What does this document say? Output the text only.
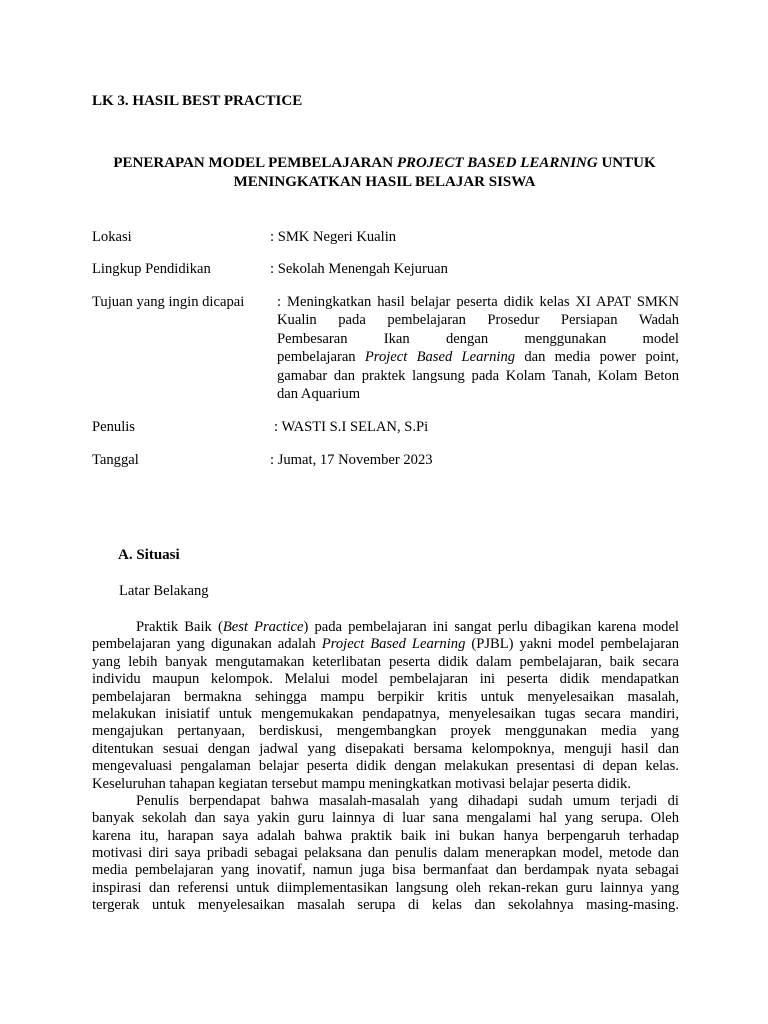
LK 3. HASIL BEST PRACTICE
PENERAPAN MODEL PEMBELAJARAN PROJECT BASED LEARNING UNTUK
MENINGKATKAN HASIL BELAJAR SISWA
Lokasi	: SMK Negeri Kualin
Lingkup Pendidikan	: Sekolah Menengah Kejuruan
Tujuan yang ingin dicapai : Meningkatkan hasil belajar peserta didik kelas XI APAT SMKN
Kualin pada pembelajaran Prosedur Persiapan Wadah
Pembesaran Ikan dengan menggunakan model
pembelajaran Project Based Learning dan media power point,
gamabar dan praktek langsung pada Kolam Tanah, Kolam Beton
dan Aquarium
Penulis	: WASTI S.I SELAN, S.Pi
Tanggal	: Jumat, 17 November 2023
A. Situasi
Latar Belakang
Praktik Baik (Best Practice) pada pembelajaran ini sangat perlu dibagikan karena model
pembelajaran yang digunakan adalah Project Based Learning (PJBL) yakni model pembelajaran
yang lebih banyak mengutamakan keterlibatan peserta didik dalam pembelajaran, baik secara
individu maupun kelompok. Melalui model pembelajaran ini peserta didik mendapatkan
pembelajaran bermakna sehingga mampu berpikir kritis untuk menyelesaikan masalah,
melakukan inisiatif untuk mengemukakan pendapatnya, menyelesaikan tugas secara mandiri,
mengajukan pertanyaan, berdiskusi, mengembangkan proyek menggunakan media yang
ditentukan sesuai dengan jadwal yang disepakati bersama kelompoknya, menguji hasil dan
mengevaluasi pengalaman belajar peserta didik dengan melakukan presentasi di depan kelas.
Keseluruhan tahapan kegiatan tersebut mampu meningkatkan motivasi belajar peserta didik.
Penulis berpendapat bahwa masalah-masalah yang dihadapi sudah umum terjadi di
banyak sekolah dan saya yakin guru lainnya di luar sana mengalami hal yang serupa. Oleh
karena itu, harapan saya adalah bahwa praktik baik ini bukan hanya berpengaruh terhadap
motivasi diri saya pribadi sebagai pelaksana dan penulis dalam menerapkan model, metode dan
media pembelajaran yang inovatif, namun juga bisa bermanfaat dan berdampak nyata sebagai
inspirasi dan referensi untuk diimplementasikan langsung oleh rekan-rekan guru lainnya yang
tergerak untuk menyelesaikan masalah serupa di kelas dan sekolahnya masing-masing.
